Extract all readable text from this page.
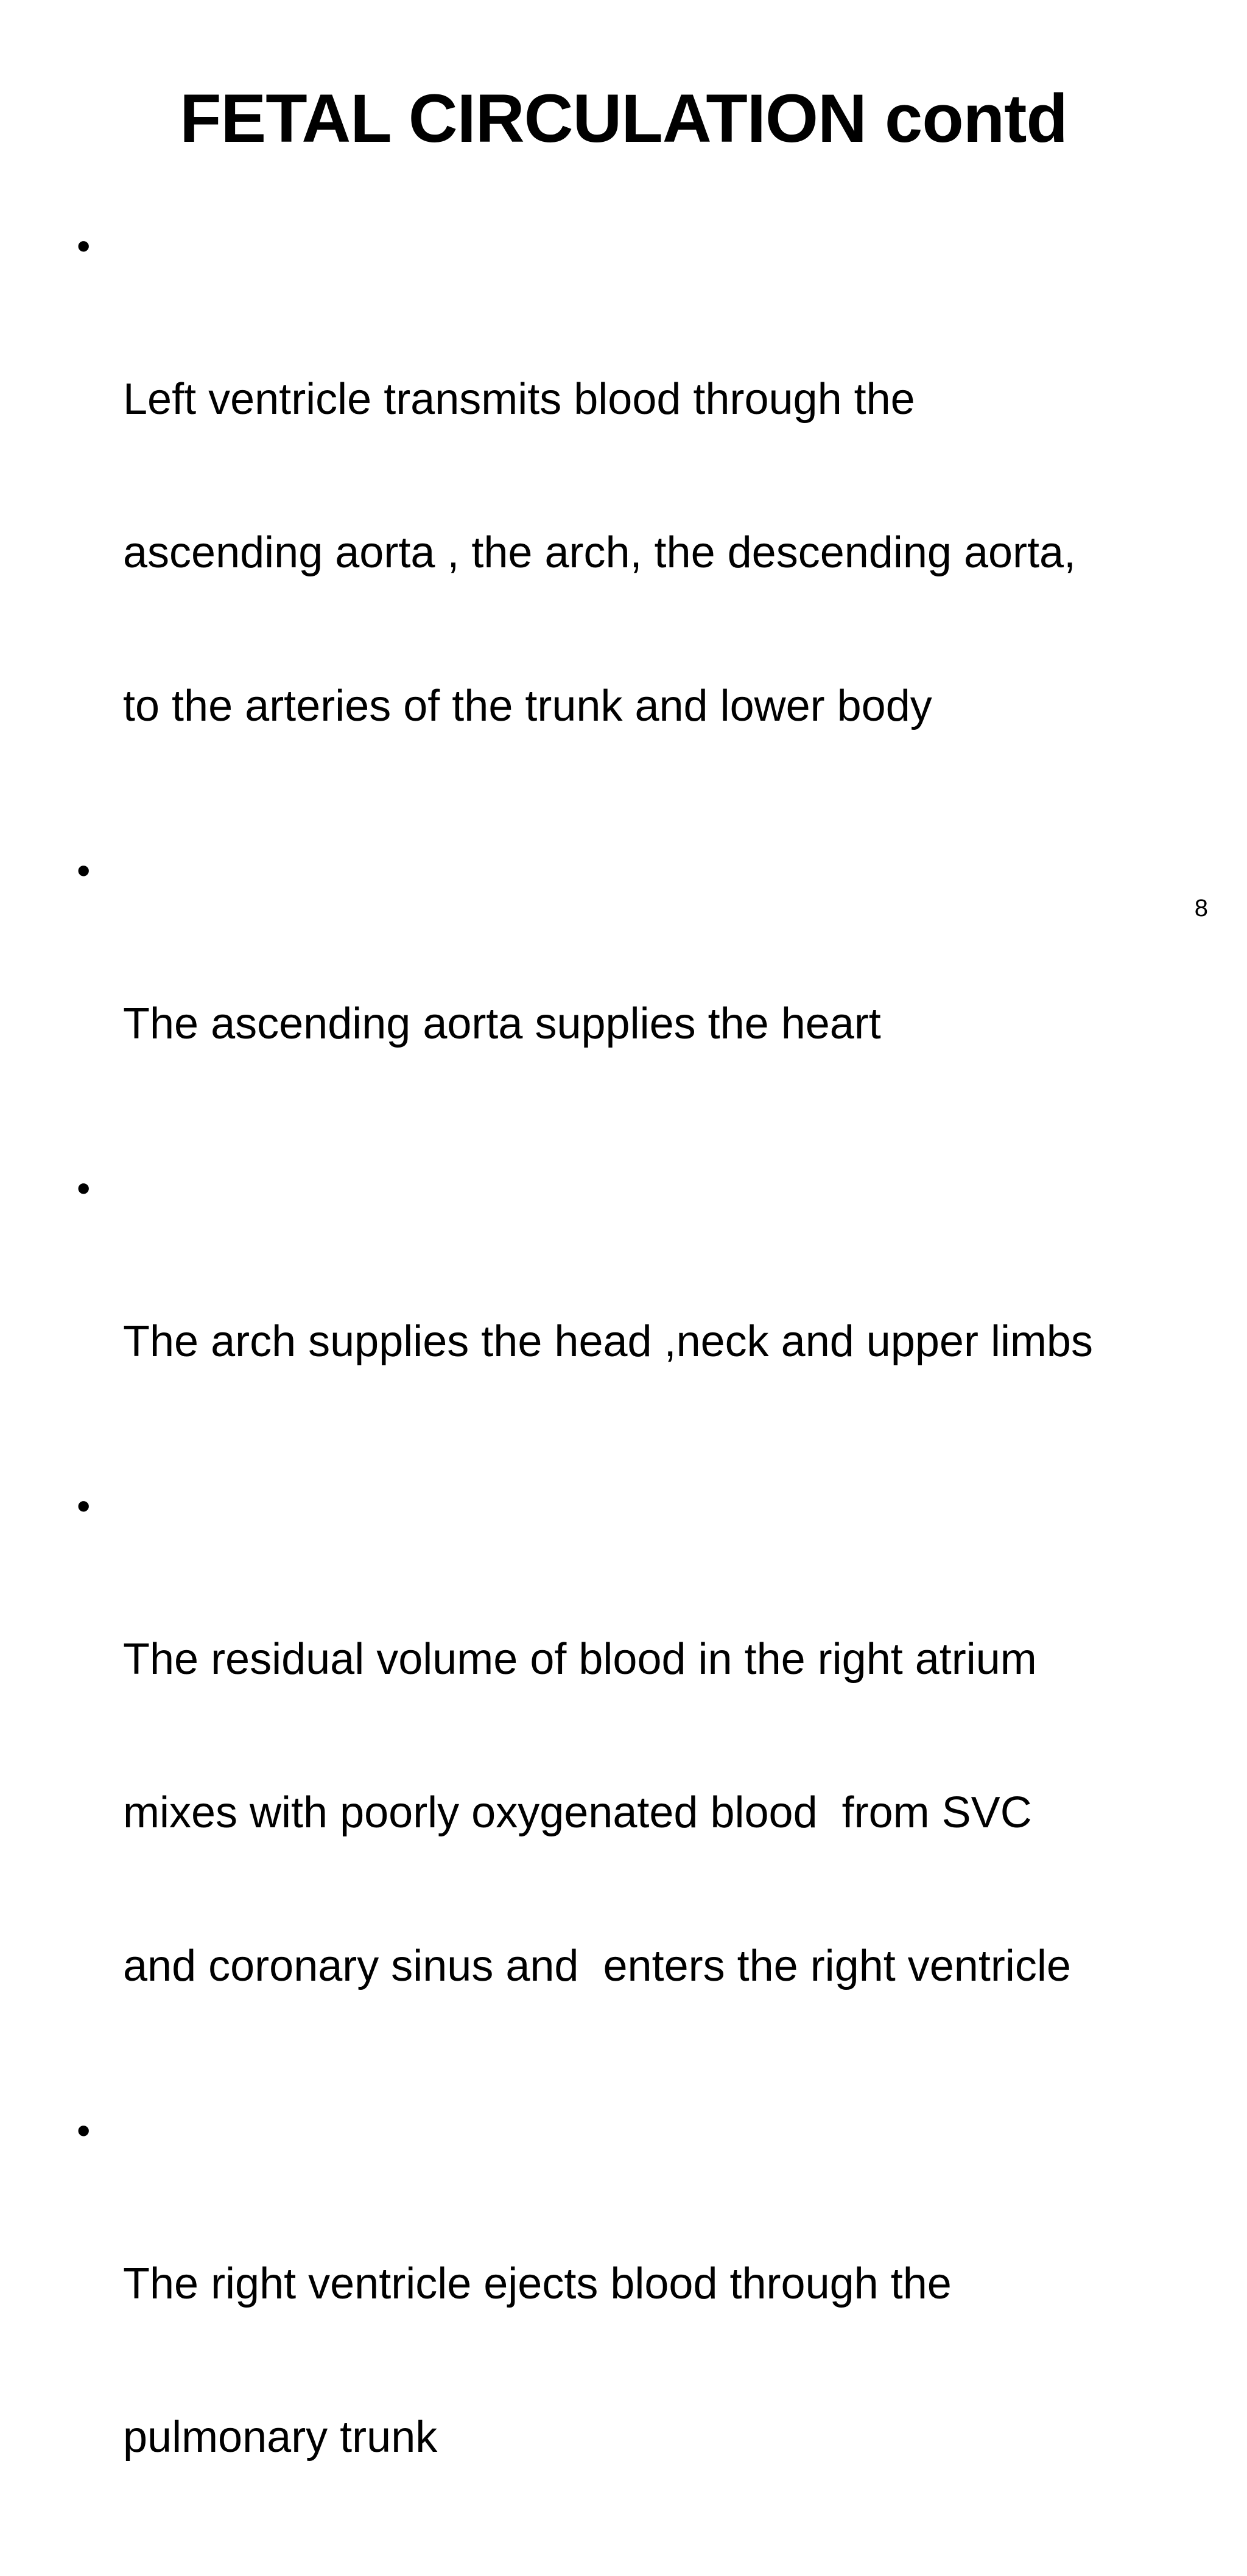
FETAL CIRCULATION contd

•

Left ventricle transmits blood through the

ascending aorta , the arch, the descending aorta,

to the arteries of the trunk and lower body

•

The ascending aorta supplies the heart

•

The arch supplies the head ,neck and upper limbs

•

The residual volume of blood in the right atrium

mixes with poorly oxygenated blood  from SVC

and coronary sinus and  enters the right ventricle

•

The right ventricle ejects blood through the

pulmonary trunk

8
